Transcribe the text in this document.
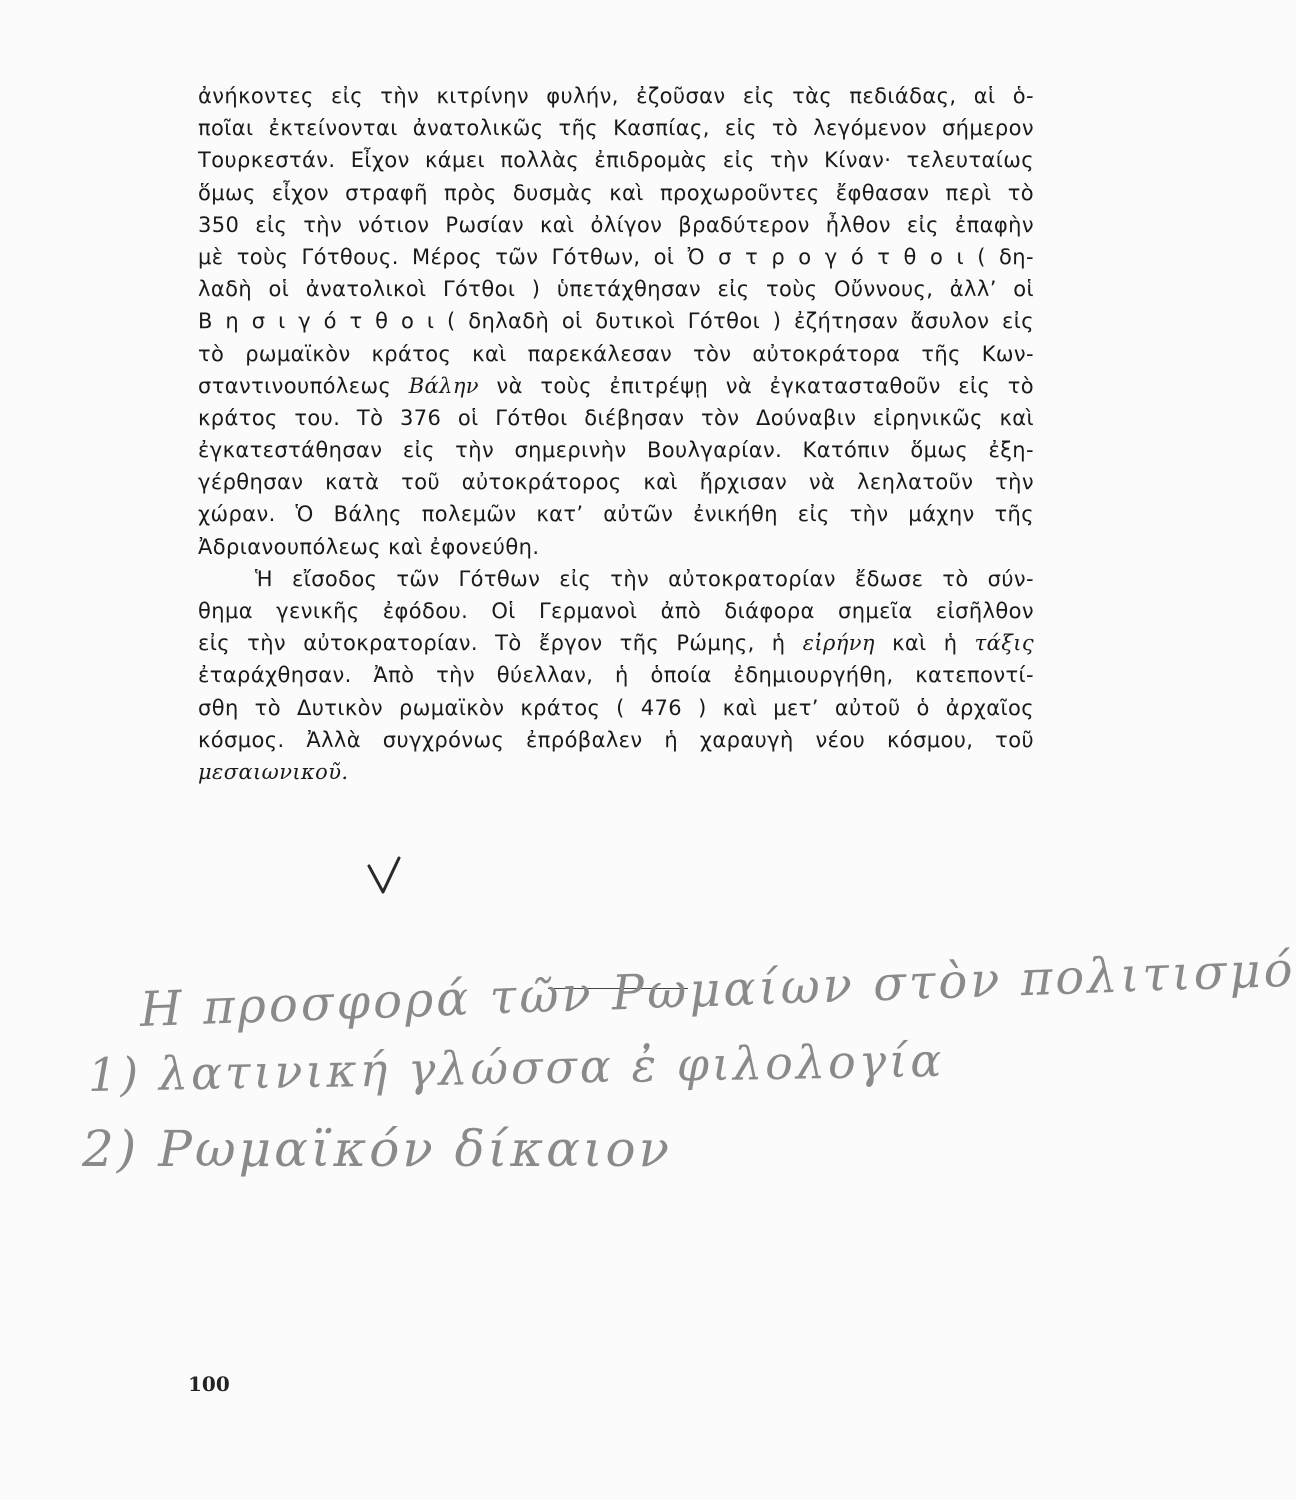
ἀνήκοντες εἰς τὴν κιτρίνην φυλήν, ἐζοῦσαν εἰς τὰς πεδιάδας, αἱ ὁ-
ποῖαι ἐκτείνονται ἀνατολικῶς τῆς Κασπίας, εἰς τὸ λεγόμενον σήμερον
Τουρκεστάν. Εἶχον κάμει πολλὰς ἐπιδρομὰς εἰς τὴν Κίναν· τελευταίως
ὅμως εἶχον στραφῆ πρὸς δυσμὰς καὶ προχωροῦντες ἔφθασαν περὶ τὸ
350 εἰς τὴν νότιον Ρωσίαν καὶ ὀλίγον βραδύτερον ἦλθον εἰς ἐπαφὴν
μὲ τοὺς Γότθους. Μέρος τῶν Γότθων, οἱ Ὀ σ τ ρ ο γ ό τ θ ο ι ( δη-
λαδὴ οἱ ἀνατολικοὶ Γότθοι ) ὑπετάχθησαν εἰς τοὺς Οὔννους, ἀλλ’ οἱ
Β η σ ι γ ό τ θ ο ι ( δηλαδὴ οἱ δυτικοὶ Γότθοι ) ἐζήτησαν ἄσυλον εἰς
τὸ ρωμαϊκὸν κράτος καὶ παρεκάλεσαν τὸν αὐτοκράτορα τῆς Κων-
σταντινουπόλεως Βάλην νὰ τοὺς ἐπιτρέψῃ νὰ ἐγκατασταθοῦν εἰς τὸ
κράτος του. Τὸ 376 οἱ Γότθοι διέβησαν τὸν Δούναβιν εἰρηνικῶς καὶ
ἐγκατεστάθησαν εἰς τὴν σημερινὴν Βουλγαρίαν. Κατόπιν ὅμως ἐξη-
γέρθησαν κατὰ τοῦ αὐτοκράτορος καὶ ἤρχισαν νὰ λεηλατοῦν τὴν
χώραν. Ὁ Βάλης πολεμῶν κατ’ αὐτῶν ἐνικήθη εἰς τὴν μάχην τῆς
Ἀδριανουπόλεως καὶ ἐφονεύθη.
Ἡ εἴσοδος τῶν Γότθων εἰς τὴν αὐτοκρατορίαν ἔδωσε τὸ σύν-
θημα γενικῆς ἐφόδου. Οἱ Γερμανοὶ ἀπὸ διάφορα σημεῖα εἰσῆλθον
εἰς τὴν αὐτοκρατορίαν. Τὸ ἔργον τῆς Ρώμης, ἡ εἰρήνη καὶ ἡ τάξις
ἐταράχθησαν. Ἀπὸ τὴν θύελλαν, ἡ ὁποία ἐδημιουργήθη, κατεποντί-
σθη τὸ Δυτικὸν ρωμαϊκὸν κράτος ( 476 ) καὶ μετ’ αὐτοῦ ὁ ἀρχαῖος
κόσμος. Ἀλλὰ συγχρόνως ἐπρόβαλεν ἡ χαραυγὴ νέου κόσμου, τοῦ
μεσαιωνικοῦ.
Η προσφορά τῶν Ρωμαίων στὸν πολιτισμό
1) λατινική γλώσσα ἐ φιλολογία
2) Ρωμαϊκόν δίκαιον
100
